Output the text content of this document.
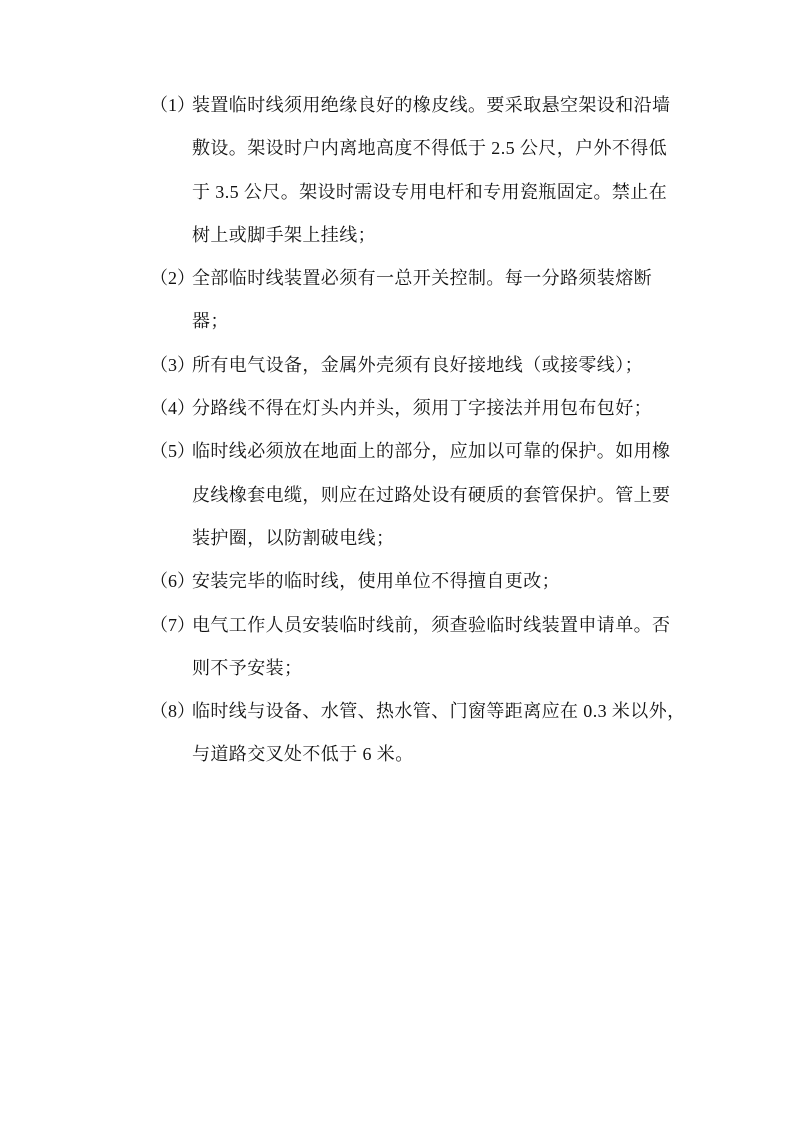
（1）
装置临时线须用绝缘良好的橡皮线。要采取悬空架设和沿墙
敷设。架设时户内离地高度不得低于 2.5 公尺，户外不得低
于 3.5 公尺。架设时需设专用电杆和专用瓷瓶固定。禁止在
树上或脚手架上挂线；
（2）
全部临时线装置必须有一总开关控制。每一分路须装熔断
器；
（3）
所有电气设备，金属外壳须有良好接地线（或接零线）；
（4）
分路线不得在灯头内并头，须用丁字接法并用包布包好；
（5）
临时线必须放在地面上的部分，应加以可靠的保护。如用橡
皮线橡套电缆，则应在过路处设有硬质的套管保护。管上要
装护圈，以防割破电线；
（6）
安装完毕的临时线，使用单位不得擅自更改；
（7）
电气工作人员安装临时线前，须查验临时线装置申请单。否
则不予安装；
（8）
临时线与设备、水管、热水管、门窗等距离应在 0.3 米以外，
与道路交叉处不低于 6 米。
